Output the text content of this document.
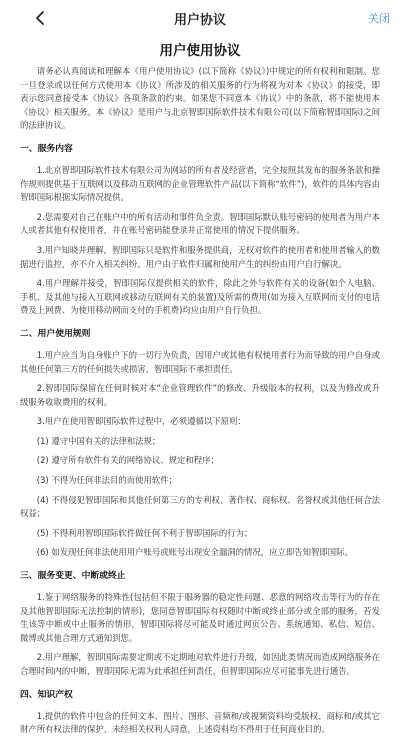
用户协议	关闭
用户使用协议

请务必认真阅读和理解本《用户使用协议》(以下简称《协议》)中规定的所有权利和限制。您一旦登录或以任何方式使用本《协议》所涉及的相关服务的行为将视为对本《协议》的接受，即表示您同意接受本《协议》各项条款的约束。如果您不同意本《协议》中的条款，将不能使用本《协议》相关服务。本《协议》是用户与北京智即国际软件技术有限公司(以下简称智即国际)之间的法律协议。

一、服务内容

1.北京智即国际软件技术有限公司为网站的所有者及经营者，完全按照其发布的服务条款和操作规则提供基于互联网以及移动互联网的企业管理软件产品(以下简称“软件”)，软件的具体内容由智即国际根据实际情况提供。

2.您需要对自己在账户中的所有活动和事件负全责。智即国际默认账号密码的使用者为用户本人或者其他有权使用者，并在账号密码能登录并正常使用的情况下提供服务。

3.用户知晓并理解，智即国际只是软件和服务提供商，无权对软件的使用者和使用者输入的数据进行监控，亦不介入相关纠纷。用户由于软件归属和使用产生的纠纷由用户自行解决。

4.用户理解并接受，智即国际仅提供相关的软件，除此之外与软件有关的设备(如个人电脑、手机、及其他与接入互联网或移动互联网有关的装置)及所需的费用(如为接入互联网而支付的电话费及上网费、为使用移动网而支付的手机费)均应由用户自行负担。

二、用户使用规则

1.用户应当为自身账户下的一切行为负责，因用户或其他有权使用者行为而导致的用户自身或其他任何第三方的任何损失或损害，智即国际不承担责任。

2.智即国际保留在任何时候对本“企业管理软件”的修改、升级版本的权利，以及为修改或升级服务收取费用的权利。

3.用户在使用智即国际软件过程中，必须遵循以下原则：

(1) 遵守中国有关的法律和法规；

(2) 遵守所有软件有关的网络协议、规定和程序；

(3) 不得为任何非法目的而使用软件；

(4) 不得侵犯智即国际和其他任何第三方的专利权、著作权、商标权、名誉权或其他任何合法权益；

(5) 不得利用智即国际软件做任何不利于智即国际的行为；

(6) 如发现任何非法使用用户账号或账号出现安全漏洞的情况，应立即告知智即国际。

三、服务变更、中断或终止

1.鉴于网络服务的特殊性(包括但不限于服务器的稳定性问题、恶意的网络攻击等行为的存在及其他智即国际无法控制的情形)，您同意智即国际有权随时中断或终止部分或全部的服务，若发生该等中断或中止服务的情形，智即国际将尽可能及时通过网页公告、系统通知、私信、短信、微博或其他合理方式通知到您。

2.用户理解，智即国际需要定期或不定期地对软件进行升级，如因此类情况而造成网络服务在合理时间内的中断，智即国际无需为此承担任何责任，但智即国际应尽可能事先进行通告。

四、知识产权

1.提供的软件中包含的任何文本、图片、图形、音频和/或视频资料均受版权、商标和/或其它财产所有权法律的保护，未经相关权利人同意，上述资料均不得用于任何商业目的。
